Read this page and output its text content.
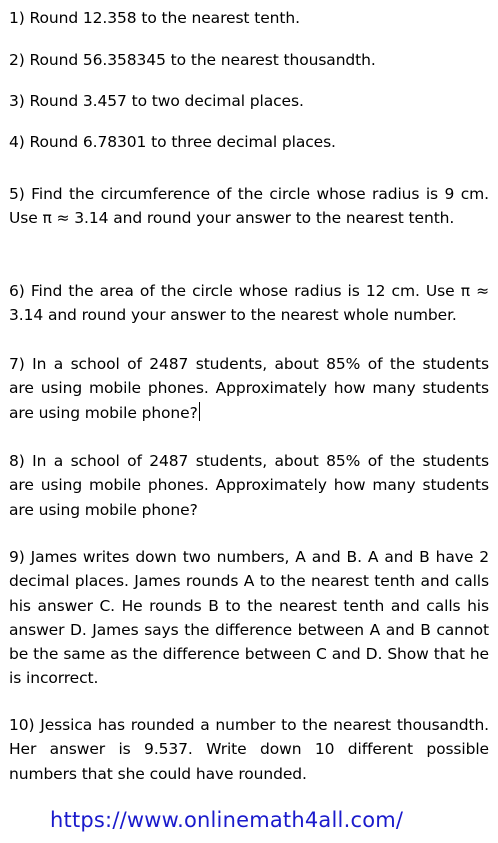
1) Round 12.358 to the nearest tenth.

2) Round 56.358345 to the nearest thousandth.

3) Round 3.457 to two decimal places.

4) Round 6.78301 to three decimal places.

5) Find the circumference of the circle whose radius is 9 cm. Use π ≈ 3.14 and round your answer to the nearest tenth.

6) Find the area of the circle whose radius is 12 cm. Use π ≈ 3.14 and round your answer to the nearest whole number.

7) In a school of 2487 students, about 85% of the students are using mobile phones. Approximately how many students are using mobile phone?

8) In a school of 2487 students, about 85% of the students are using mobile phones. Approximately how many students are using mobile phone?

9) James writes down two numbers, A and B. A and B have 2 decimal places. James rounds A to the nearest tenth and calls his answer C. He rounds B to the nearest tenth and calls his answer D. James says the difference between A and B cannot be the same as the difference between C and D. Show that he is incorrect.

10) Jessica has rounded a number to the nearest thousandth. Her answer is 9.537. Write down 10 different possible numbers that she could have rounded.

https://www.onlinemath4all.com/
